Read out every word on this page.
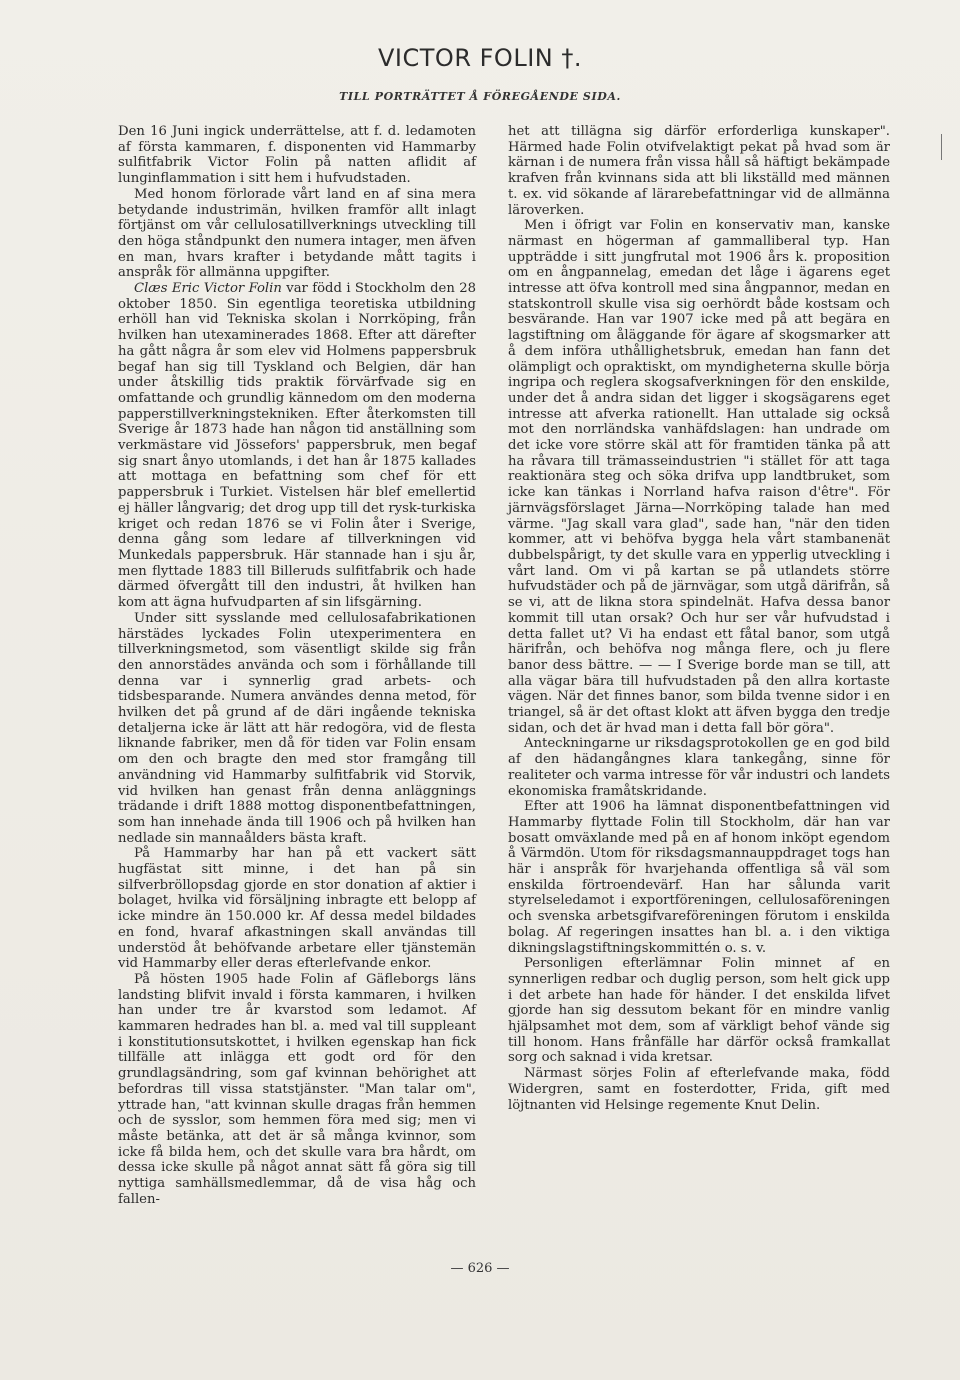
VICTOR FOLIN †.
TILL PORTRÄTTET Å FÖREGÅENDE SIDA.

Den 16 Juni ingick underrättelse, att f. d. ledamoten af första kammaren, f. disponenten vid Hammarby sulfitfabrik Victor Folin på natten aflidit af lunginflammation i sitt hem i hufvudstaden.

Med honom förlorade vårt land en af sina mera betydande industrimän, hvilken framför allt inlagt förtjänst om vår cellulosatillverknings utveckling till den höga ståndpunkt den numera intager, men äfven en man, hvars krafter i betydande mått tagits i anspråk för allmänna uppgifter.

Clæs Eric Victor Folin var född i Stockholm den 28 oktober 1850. Sin egentliga teoretiska utbildning erhöll han vid Tekniska skolan i Norrköping, från hvilken han utexaminerades 1868. Efter att därefter ha gått några år som elev vid Holmens pappersbruk begaf han sig till Tyskland och Belgien, där han under åtskillig tids praktik förvärfvade sig en omfattande och grundlig kännedom om den moderna papperstillverkningstekniken. Efter återkomsten till Sverige år 1873 hade han någon tid anställning som verkmästare vid Jössefors' pappersbruk, men begaf sig snart ånyo utomlands, i det han år 1875 kallades att mottaga en befattning som chef för ett pappersbruk i Turkiet. Vistelsen här blef emellertid ej häller långvarig; det drog upp till det rysk-turkiska kriget och redan 1876 se vi Folin åter i Sverige, denna gång som ledare af tillverkningen vid Munkedals pappersbruk. Här stannade han i sju år, men flyttade 1883 till Billeruds sulfitfabrik och hade därmed öfvergått till den industri, åt hvilken han kom att ägna hufvudparten af sin lifsgärning.

Under sitt sysslande med cellulosafabrikationen härstädes lyckades Folin utexperimentera en tillverkningsmetod, som väsentligt skilde sig från den annorstädes använda och som i förhållande till denna var i synnerlig grad arbets- och tidsbesparande. Numera användes denna metod, för hvilken det på grund af de däri ingående tekniska detaljerna icke är lätt att här redogöra, vid de flesta liknande fabriker, men då för tiden var Folin ensam om den och bragte den med stor framgång till användning vid Hammarby sulfitfabrik vid Storvik, vid hvilken han genast från denna anläggnings trädande i drift 1888 mottog disponentbefattningen, som han innehade ända till 1906 och på hvilken han nedlade sin mannaålders bästa kraft.

På Hammarby har han på ett vackert sätt hugfästat sitt minne, i det han på sin silfverbröllopsdag gjorde en stor donation af aktier i bolaget, hvilka vid försäljning inbragte ett belopp af icke mindre än 150.000 kr. Af dessa medel bildades en fond, hvaraf afkastningen skall användas till understöd åt behöfvande arbetare eller tjänstemän vid Hammarby eller deras efterlefvande enkor.

På hösten 1905 hade Folin af Gäfleborgs läns landsting blifvit invald i första kammaren, i hvilken han under tre år kvarstod som ledamot. Af kammaren hedrades han bl. a. med val till suppleant i konstitutionsutskottet, i hvilken egenskap han fick tillfälle att inlägga ett godt ord för den grundlagsändring, som gaf kvinnan behörighet att befordras till vissa statstjänster. "Man talar om", yttrade han, "att kvinnan skulle dragas från hemmen och de sysslor, som hemmen föra med sig; men vi måste betänka, att det är så många kvinnor, som icke få bilda hem, och det skulle vara bra hårdt, om dessa icke skulle på något annat sätt få göra sig till nyttiga samhällsmedlemmar, då de visa håg och fallen-

het att tillägna sig därför erforderliga kunskaper". Härmed hade Folin otvifvelaktigt pekat på hvad som är kärnan i de numera från vissa håll så häftigt bekämpade krafven från kvinnans sida att bli likställd med männen t. ex. vid sökande af lärarebefattningar vid de allmänna läroverken.

Men i öfrigt var Folin en konservativ man, kanske närmast en högerman af gammalliberal typ. Han uppträdde i sitt jungfrutal mot 1906 års k. proposition om en ångpannelag, emedan det låge i ägarens eget intresse att öfva kontroll med sina ångpannor, medan en statskontroll skulle visa sig oerhördt både kostsam och besvärande. Han var 1907 icke med på att begära en lagstiftning om åläggande för ägare af skogsmarker att å dem införa uthållighetsbruk, emedan han fann det olämpligt och opraktiskt, om myndigheterna skulle börja ingripa och reglera skogsafverkningen för den enskilde, under det å andra sidan det ligger i skogsägarens eget intresse att afverka rationellt. Han uttalade sig också mot den norrländska vanhäfdslagen: han undrade om det icke vore större skäl att för framtiden tänka på att ha råvara till trämasseindustrien "i stället för att taga reaktionära steg och söka drifva upp landtbruket, som icke kan tänkas i Norrland hafva raison d'être". För järnvägsförslaget Järna—Norrköping talade han med värme. "Jag skall vara glad", sade han, "när den tiden kommer, att vi behöfva bygga hela vårt stambanenät dubbelspårigt, ty det skulle vara en ypperlig utveckling i vårt land. Om vi på kartan se på utlandets större hufvudstäder och på de järnvägar, som utgå därifrån, så se vi, att de likna stora spindelnät. Hafva dessa banor kommit till utan orsak? Och hur ser vår hufvudstad i detta fallet ut? Vi ha endast ett fåtal banor, som utgå härifrån, och behöfva nog många flere, och ju flere banor dess bättre. — — I Sverige borde man se till, att alla vägar bära till hufvudstaden på den allra kortaste vägen. När det finnes banor, som bilda tvenne sidor i en triangel, så är det oftast klokt att äfven bygga den tredje sidan, och det är hvad man i detta fall bör göra".

Anteckningarne ur riksdagsprotokollen ge en god bild af den hädangångnes klara tankegång, sinne för realiteter och varma intresse för vår industri och landets ekonomiska framåtskridande.

Efter att 1906 ha lämnat disponentbefattningen vid Hammarby flyttade Folin till Stockholm, där han var bosatt omväxlande med på en af honom inköpt egendom å Värmdön. Utom för riksdagsmannauppdraget togs han här i anspråk för hvarjehanda offentliga så väl som enskilda förtroendevärf. Han har sålunda varit styrelseledamot i exportföreningen, cellulosaföreningen och svenska arbetsgifvareföreningen förutom i enskilda bolag. Af regeringen insattes han bl. a. i den viktiga dikningslagstiftningskommittén o. s. v.

Personligen efterlämnar Folin minnet af en synnerligen redbar och duglig person, som helt gick upp i det arbete han hade för händer. I det enskilda lifvet gjorde han sig dessutom bekant för en mindre vanlig hjälpsamhet mot dem, som af värkligt behof vände sig till honom. Hans frånfälle har därför också framkallat sorg och saknad i vida kretsar.

Närmast sörjes Folin af efterlefvande maka, född Widergren, samt en fosterdotter, Frida, gift med löjtnanten vid Helsinge regemente Knut Delin.

— 626 —
